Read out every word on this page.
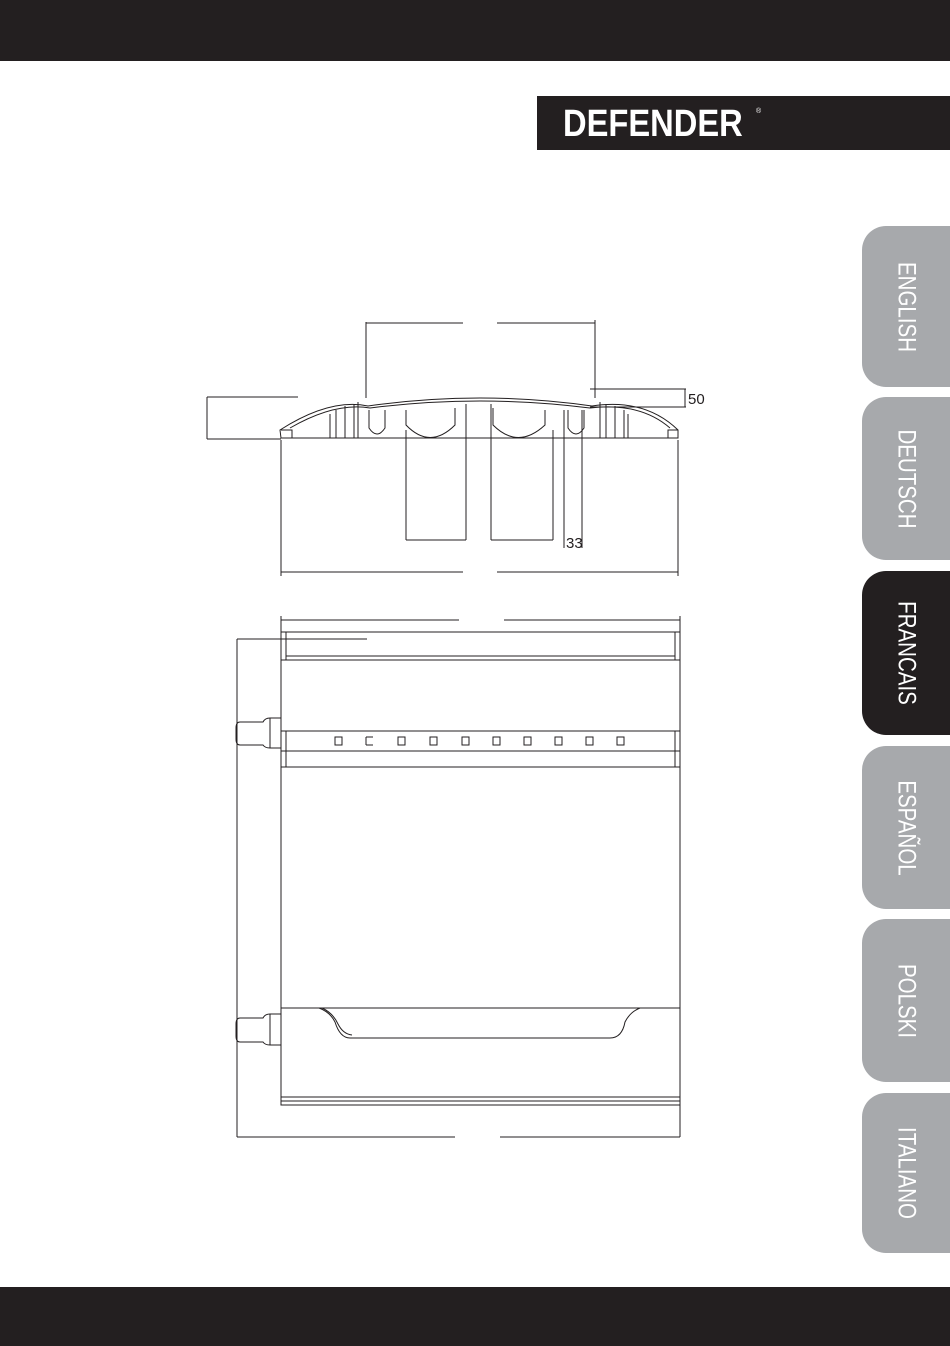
DEFENDER ®
ENGLISH
DEUTSCH
FRANCAIS
ESPAÑOL
POLSKI
ITALIANO
50
33
